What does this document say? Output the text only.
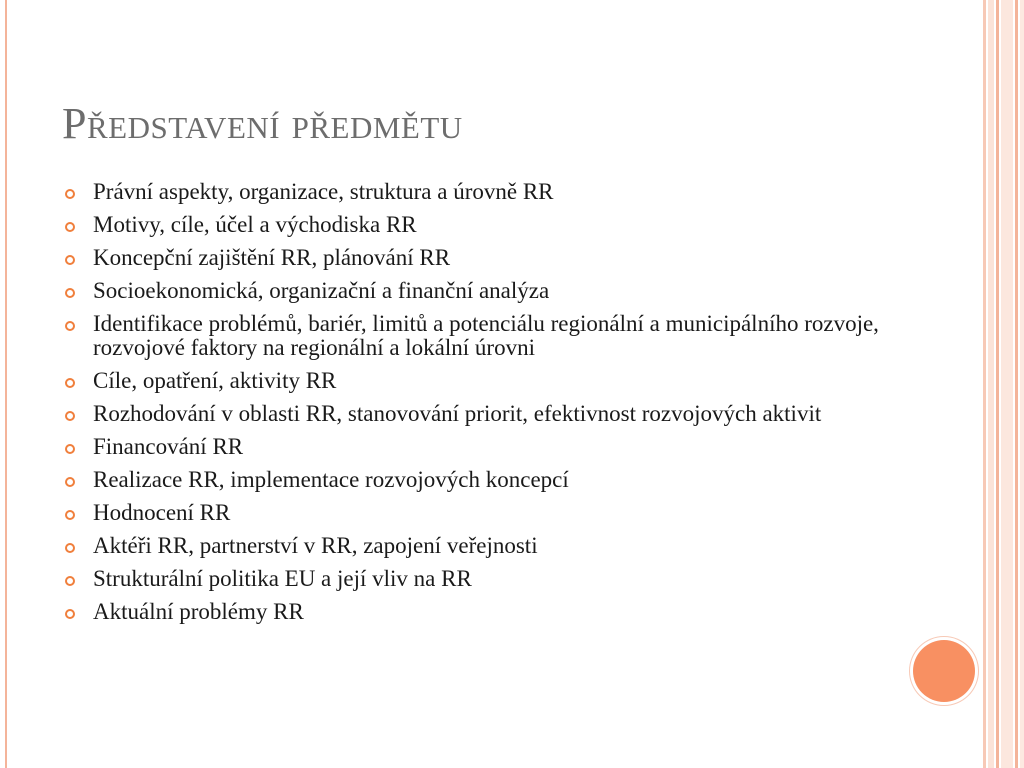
Představení předmětu
Právní aspekty, organizace, struktura a úrovně RR
Motivy, cíle, účel a východiska RR
Koncepční zajištění RR, plánování RR
Socioekonomická, organizační a finanční analýza
Identifikace problémů, bariér, limitů a potenciálu regionální a municipálního rozvoje, rozvojové faktory na regionální a lokální úrovni
Cíle, opatření, aktivity RR
Rozhodování v oblasti RR, stanovování priorit, efektivnost rozvojových aktivit
Financování RR
Realizace RR, implementace rozvojových koncepcí
Hodnocení RR
Aktéři RR, partnerství v RR, zapojení veřejnosti
Strukturální politika EU a její vliv na RR
Aktuální problémy RR
